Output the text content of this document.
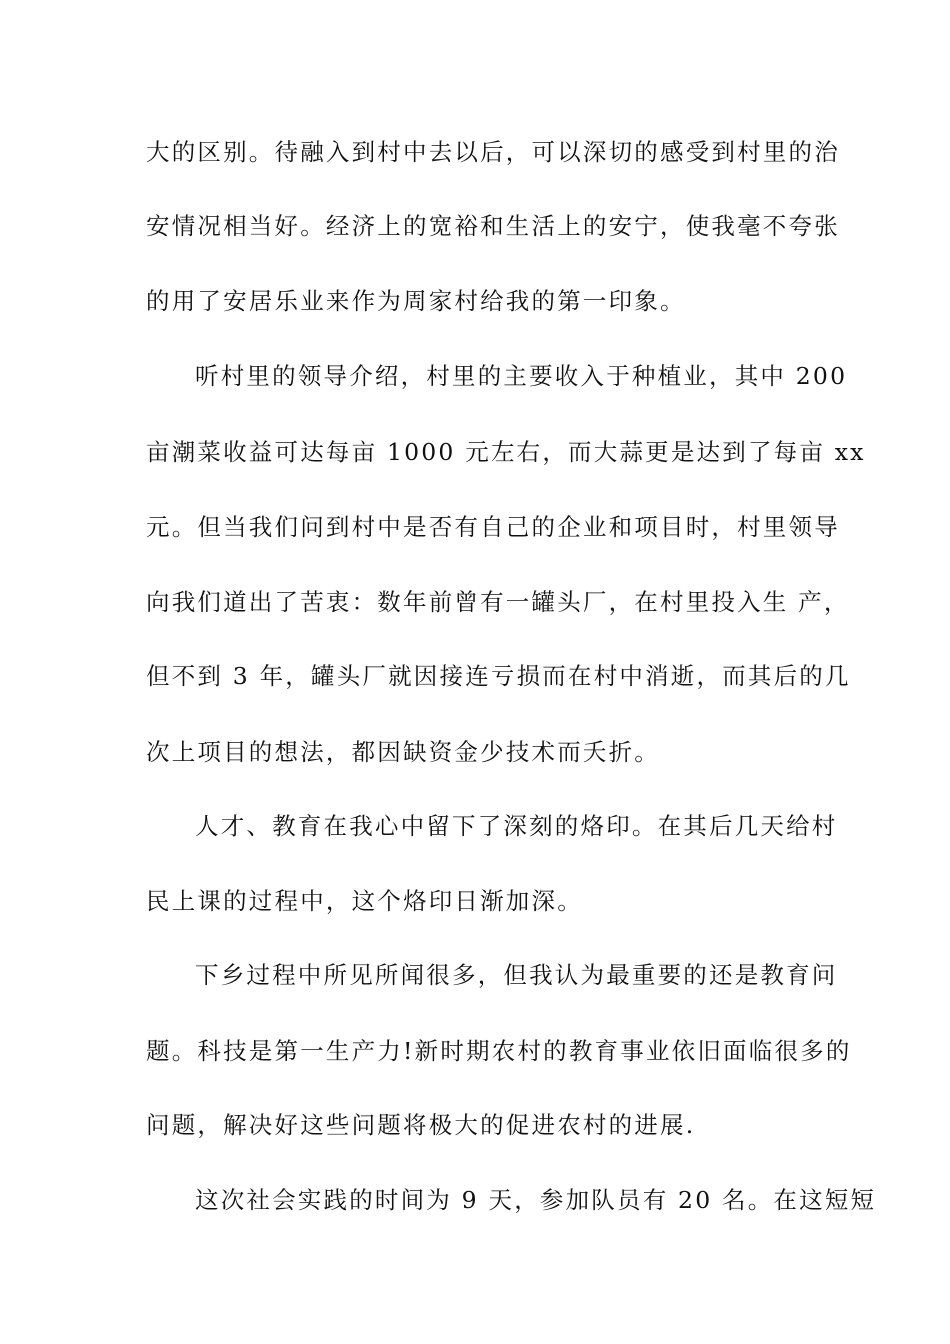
大的区别。待融入到村中去以后，可以深切的感受到村里的治
安情况相当好。经济上的宽裕和生活上的安宁，使我毫不夸张
的用了安居乐业来作为周家村给我的第一印象。
听村里的领导介绍，村里的主要收入于种植业，其中 200
亩潮菜收益可达每亩 1000 元左右，而大蒜更是达到了每亩 xx
元。但当我们问到村中是否有自己的企业和项目时，村里领导
向我们道出了苦衷：数年前曾有一罐头厂，在村里投入生 产，
但不到 3 年，罐头厂就因接连亏损而在村中消逝，而其后的几
次上项目的想法，都因缺资金少技术而夭折。
人才、教育在我心中留下了深刻的烙印。在其后几天给村
民上课的过程中，这个烙印日渐加深。
下乡过程中所见所闻很多，但我认为最重要的还是教育问
题。科技是第一生产力!新时期农村的教育事业依旧面临很多的
问题，解决好这些问题将极大的促进农村的进展.
这次社会实践的时间为 9 天，参加队员有 20 名。在这短短
